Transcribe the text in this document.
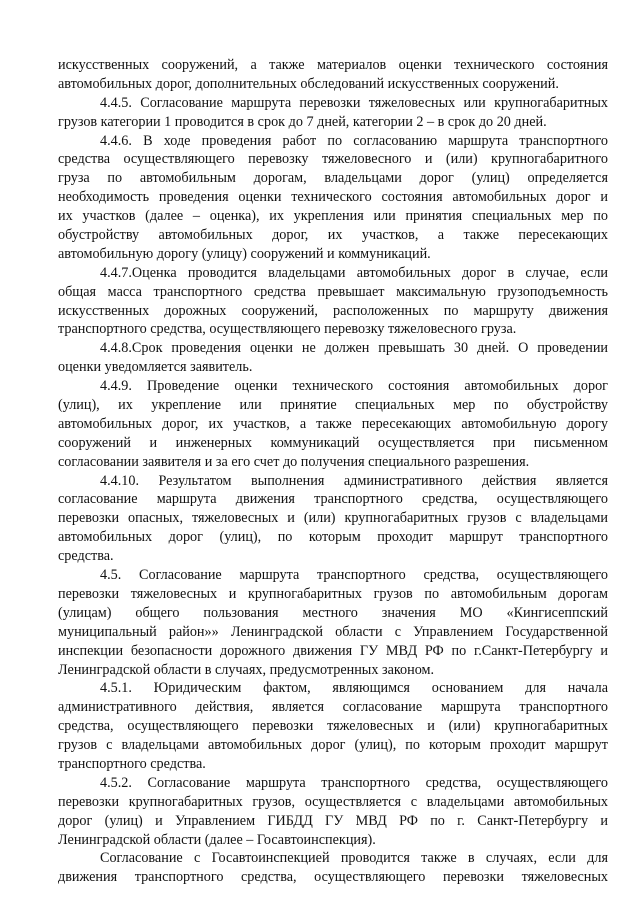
искусственных сооружений, а также материалов оценки технического состояния
автомобильных дорог, дополнительных обследований искусственных сооружений.
4.4.5. Согласование маршрута перевозки тяжеловесных или крупногабаритных
грузов категории 1 проводится в срок до 7 дней, категории 2 – в срок до 20 дней.
4.4.6. В ходе проведения работ по согласованию маршрута транспортного
средства осуществляющего перевозку тяжеловесного и (или) крупногабаритного
груза по автомобильным дорогам, владельцами дорог (улиц) определяется
необходимость проведения оценки технического состояния автомобильных дорог и
их участков (далее – оценка), их укрепления или принятия специальных мер по
обустройству автомобильных дорог, их участков, а также пересекающих
автомобильную дорогу (улицу) сооружений и коммуникаций.
4.4.7.Оценка проводится владельцами автомобильных дорог в случае, если
общая масса транспортного средства превышает максимальную грузоподъемность
искусственных дорожных сооружений, расположенных по маршруту движения
транспортного средства, осуществляющего перевозку тяжеловесного груза.
4.4.8.Срок проведения оценки не должен превышать 30 дней. О проведении
оценки уведомляется заявитель.
4.4.9. Проведение оценки технического состояния автомобильных дорог
(улиц), их укрепление или принятие специальных мер по обустройству
автомобильных дорог, их участков, а также пересекающих автомобильную дорогу
сооружений и инженерных коммуникаций осуществляется при письменном
согласовании заявителя и за его счет до получения специального разрешения.
4.4.10. Результатом выполнения административного действия является
согласование маршрута движения транспортного средства, осуществляющего
перевозки опасных, тяжеловесных и (или) крупногабаритных грузов с владельцами
автомобильных дорог (улиц), по которым проходит маршрут транспортного
средства.
4.5. Согласование маршрута транспортного средства, осуществляющего
перевозки тяжеловесных и крупногабаритных грузов по автомобильным дорогам
(улицам) общего пользования местного значения МО «Кингисеппский
муниципальный район»» Ленинградской области с Управлением Государственной
инспекции безопасности дорожного движения ГУ МВД РФ по г.Санкт-Петербургу и
Ленинградской области в случаях, предусмотренных законом.
4.5.1. Юридическим фактом, являющимся основанием для начала
административного действия, является согласование маршрута транспортного
средства, осуществляющего перевозки тяжеловесных и (или) крупногабаритных
грузов с владельцами автомобильных дорог (улиц), по которым проходит маршрут
транспортного средства.
4.5.2. Согласование маршрута транспортного средства, осуществляющего
перевозки крупногабаритных грузов, осуществляется с владельцами автомобильных
дорог (улиц) и Управлением ГИБДД ГУ МВД РФ по г. Санкт-Петербургу и
Ленинградской области (далее – Госавтоинспекция).
Согласование с Госавтоинспекцией проводится также в случаях, если для
движения транспортного средства, осуществляющего перевозки тяжеловесных
